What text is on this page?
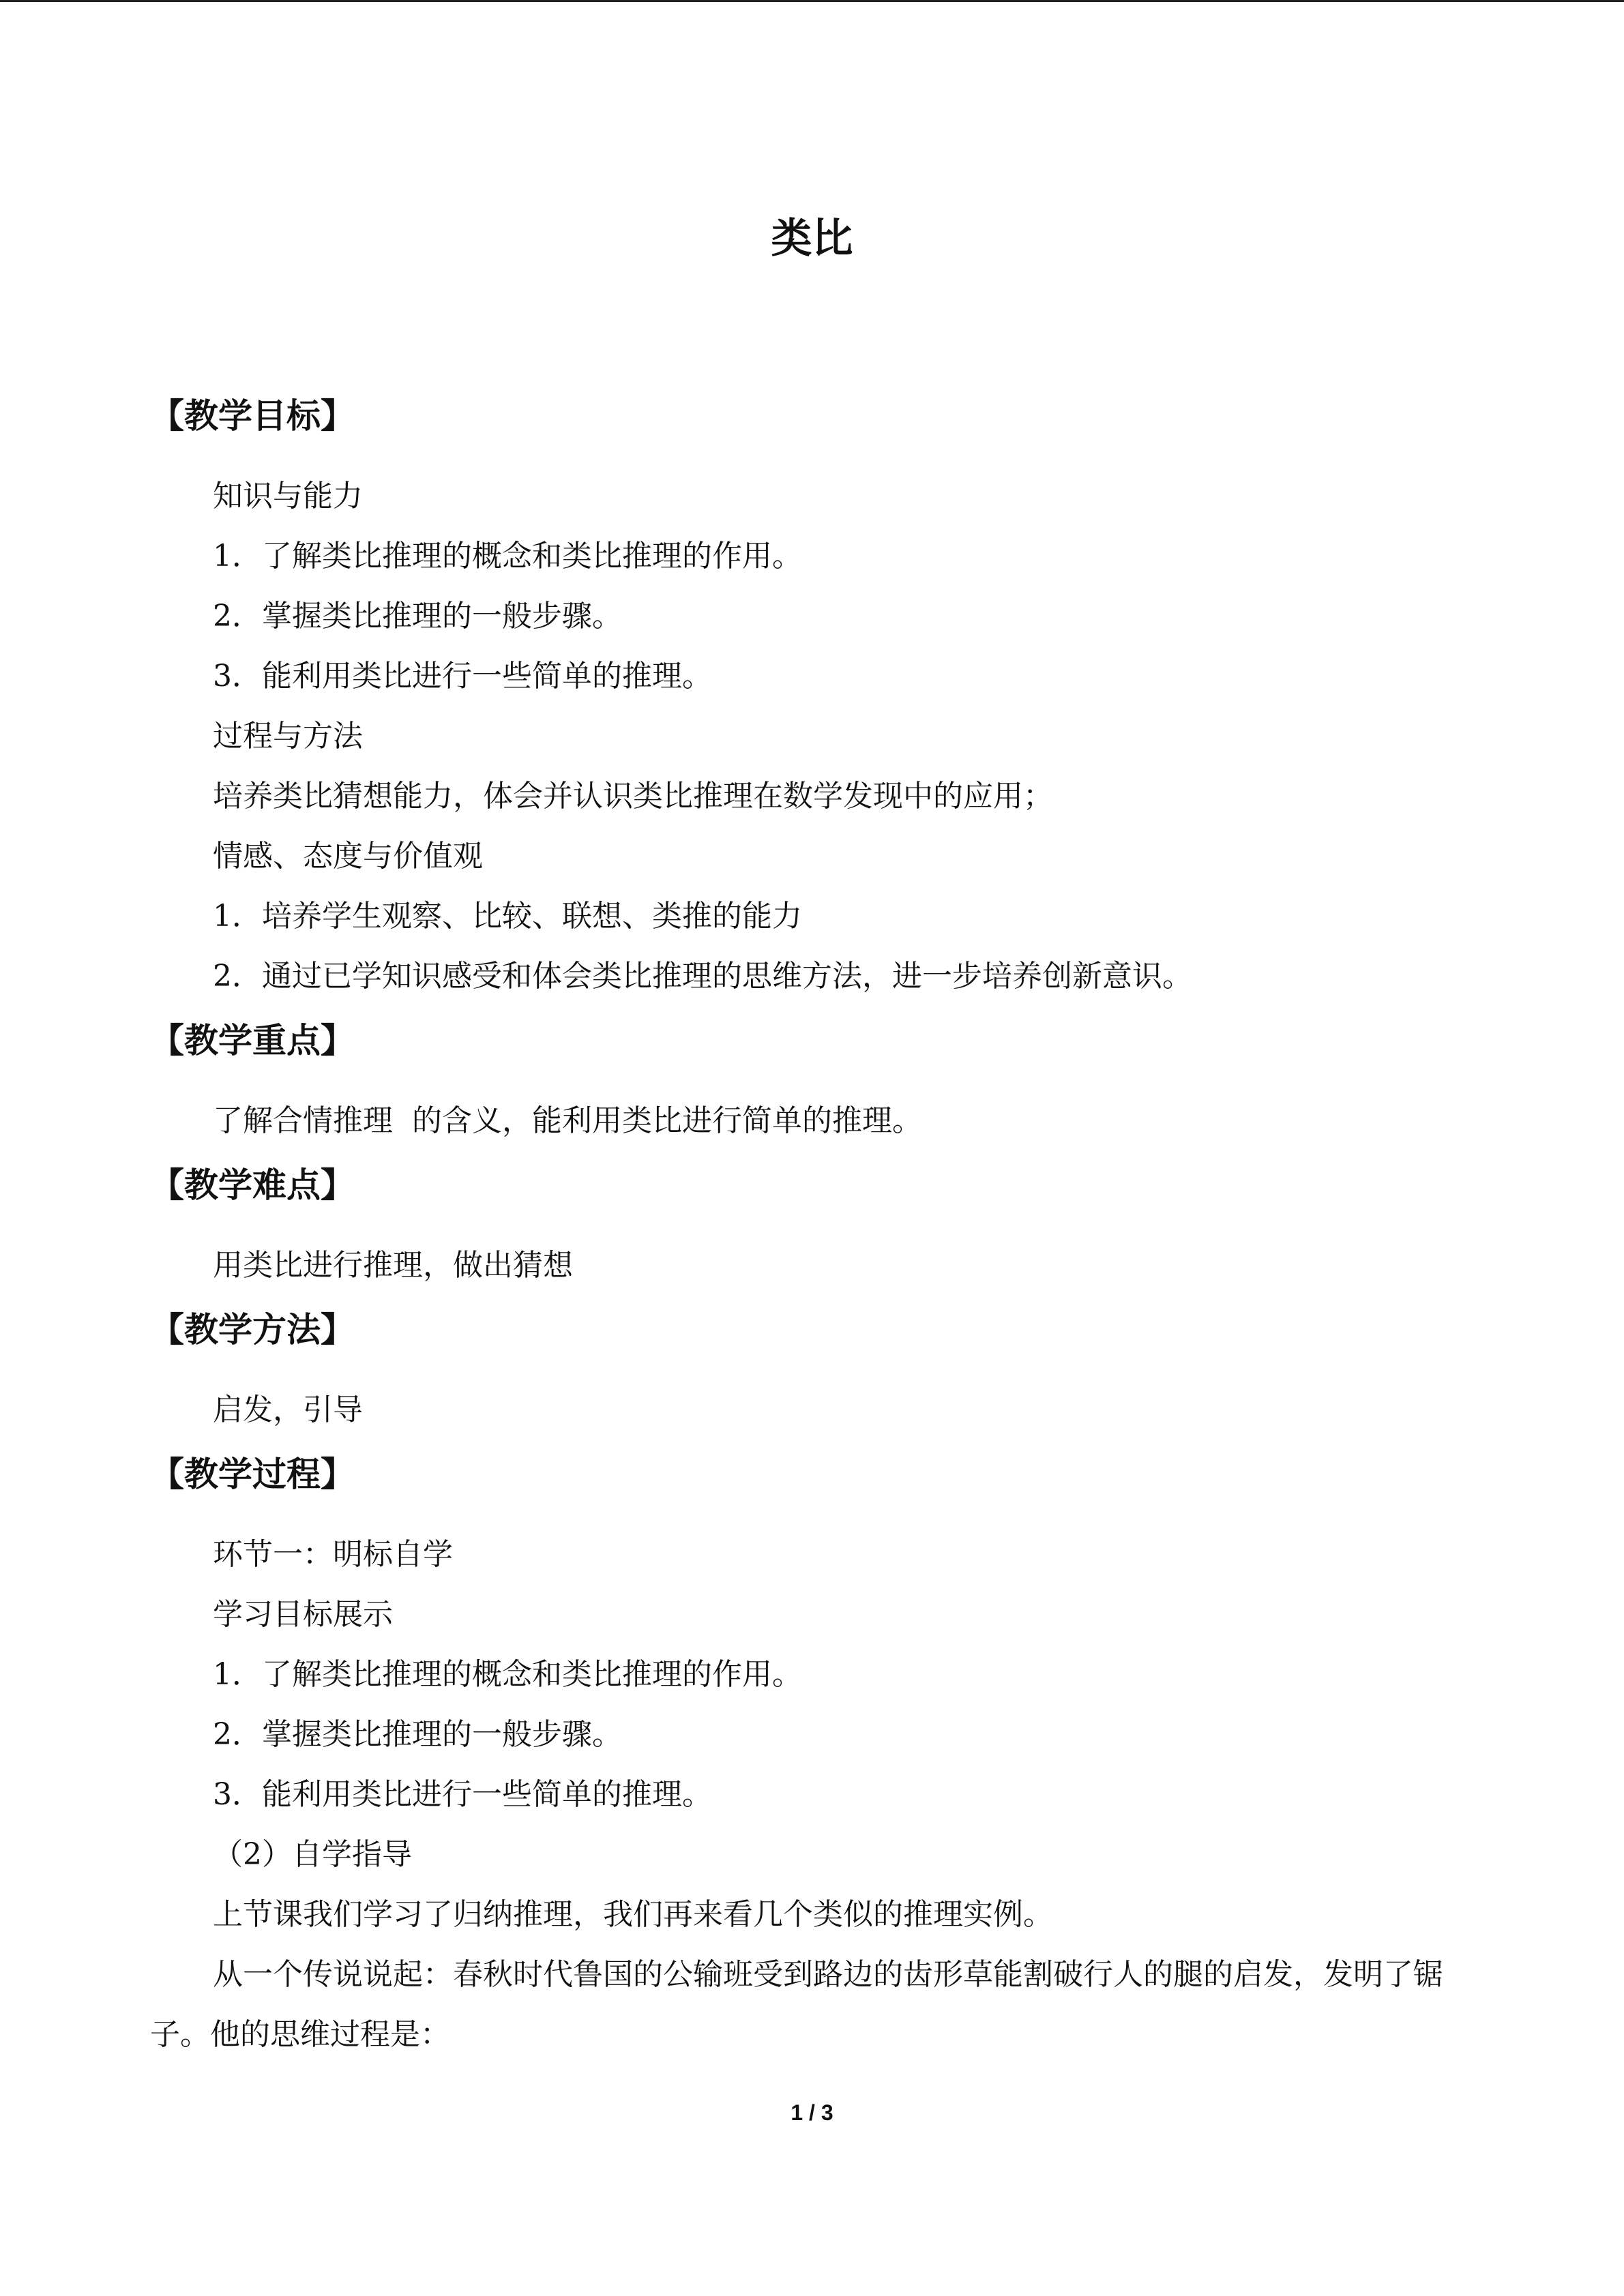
类比
【教学目标】
知识与能力
1．了解类比推理的概念和类比推理的作用。
2．掌握类比推理的一般步骤。
3．能利用类比进行一些简单的推理。
过程与方法
培养类比猜想能力，体会并认识类比推理在数学发现中的应用；
情感、态度与价值观
1．培养学生观察、比较、联想、类推的能力
2．通过已学知识感受和体会类比推理的思维方法，进一步培养创新意识。
【教学重点】
了解合情推理  的含义，能利用类比进行简单的推理。
【教学难点】
用类比进行推理，做出猜想
【教学方法】
启发，引导
【教学过程】
环节一：明标自学
学习目标展示
1．了解类比推理的概念和类比推理的作用。
2．掌握类比推理的一般步骤。
3．能利用类比进行一些简单的推理。
（2）自学指导
上节课我们学习了归纳推理，我们再来看几个类似的推理实例。
从一个传说说起：春秋时代鲁国的公输班受到路边的齿形草能割破行人的腿的启发，发明了锯子。他的思维过程是：
1 / 3
